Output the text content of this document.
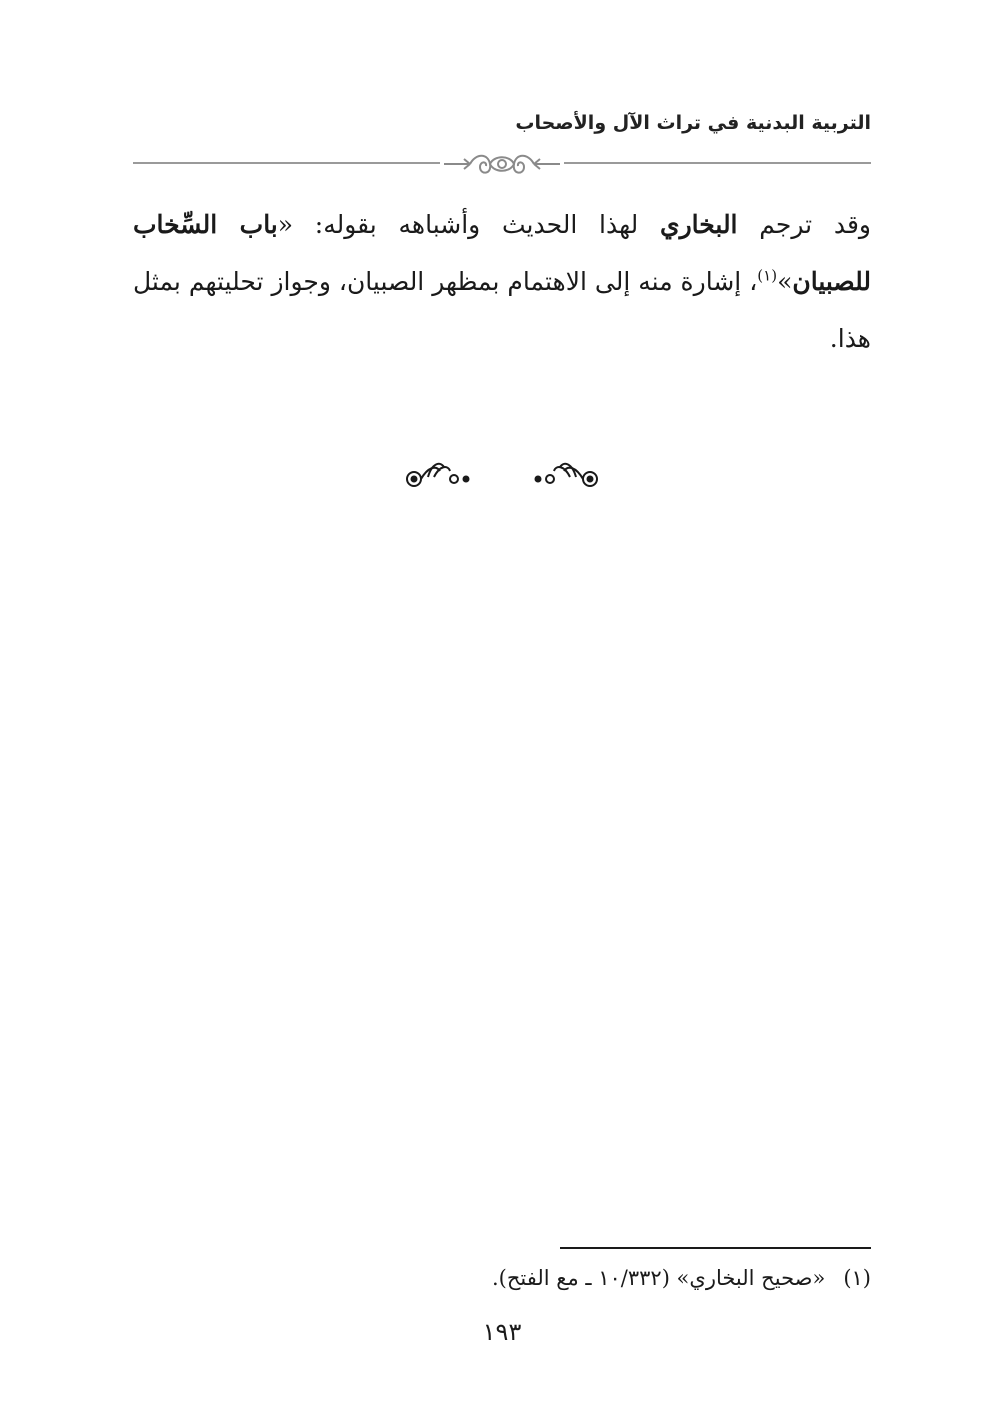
التربية البدنية في تراث الآل والأصحاب
وقد ترجم البخاري لهذا الحديث وأشباهه بقوله: «باب السِّخاب للصبيان»$^{(١)}$، إشارة منه إلى الاهتمام بمظهر الصبيان، وجواز تحليتهم بمثل هذا.
(١)«صحيح البخاري» (١٠/٣٣٢ ـ مع الفتح).
١٩٣
